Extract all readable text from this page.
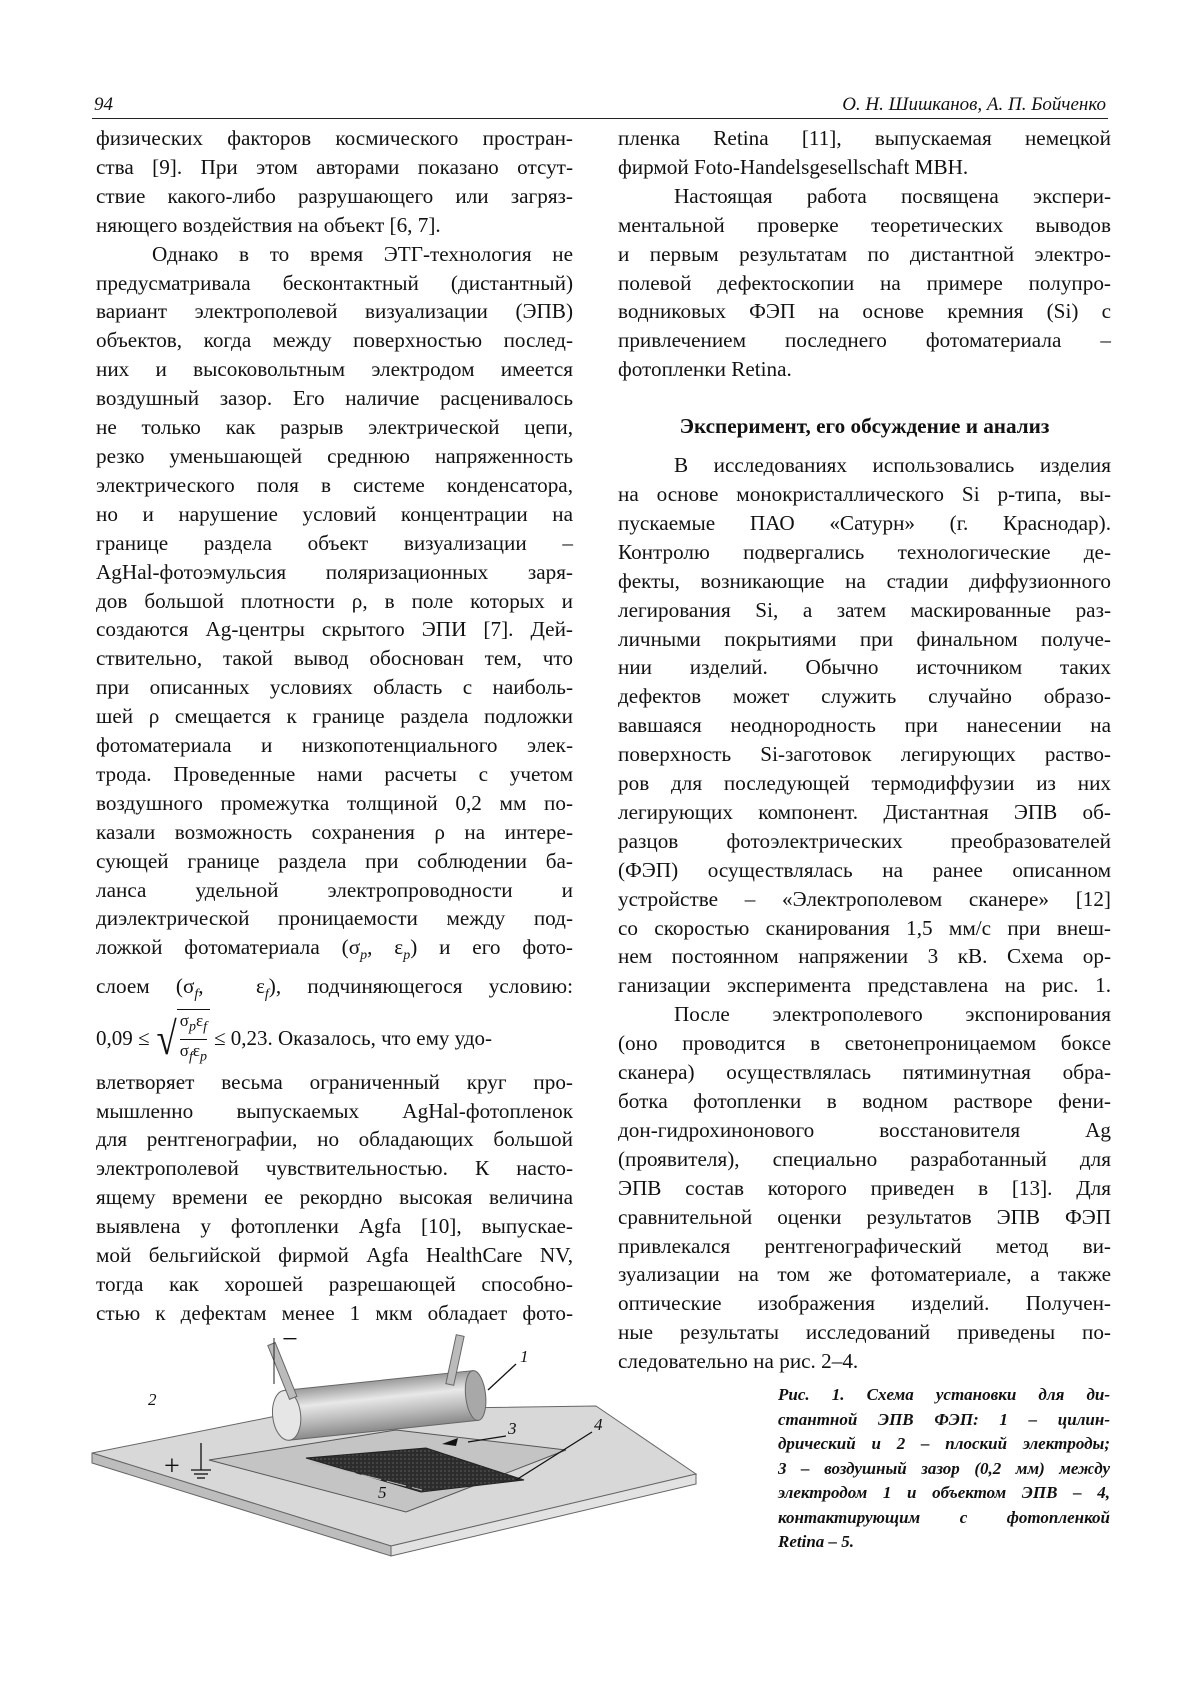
94	О. Н. Шишканов, А. П. Бойченко

физических факторов космического простран-
ства [9]. При этом авторами показано отсут-
ствие какого-либо разрушающего или загряз-
няющего воздействия на объект [6, 7].

Однако в то время ЭТГ-технология не
предусматривала бесконтактный (дистантный)
вариант электрополевой визуализации (ЭПВ)
объектов, когда между поверхностью послед-
них и высоковольтным электродом имеется
воздушный зазор. Его наличие расценивалось
не только как разрыв электрической цепи,
резко уменьшающей среднюю напряженность
электрического поля в системе конденсатора,
но и нарушение условий концентрации на
границе раздела объект визуализации –
AgHal-фотоэмульсия поляризационных заря-
дов большой плотности ρ, в поле которых и
создаются Ag-центры скрытого ЭПИ [7]. Дей-
ствительно, такой вывод обоснован тем, что
при описанных условиях область с наиболь-
шей ρ смещается к границе раздела подложки
фотоматериала и низкопотенциального элек-
трода. Проведенные нами расчеты с учетом
воздушного промежутка толщиной 0,2 мм по-
казали возможность сохранения ρ на интере-
сующей границе раздела при соблюдении ба-
ланса удельной электропроводности и
диэлектрической проницаемости между под-
ложкой фотоматериала ($\sigma_p$, $\varepsilon_p$) и его фото-
слоем ($\sigma_f$,  $\varepsilon_f$), подчиняющегося условию:
0,09 ≤ √ $\frac{\sigma_p\varepsilon_f}{\sigma_f\varepsilon_p} \le 0,23$ . Оказалось, что ему удо-

влетворяет весьма ограниченный круг про-
мышленно выпускаемых AgHal-фотопленок
для рентгенографии, но обладающих большой
электрополевой чувствительностью. К насто-
ящему времени ее рекордно высокая величина
выявлена у фотопленки Agfa [10], выпускае-
мой бельгийской фирмой Agfa HealthCare NV,
тогда как хорошей разрешающей способно-
стью к дефектам менее 1 мкм обладает фото-

пленка Retina [11], выпускаемая немецкой
фирмой Foto-Handelsgesellschaft MBH.

Настоящая работа посвящена экспери-
ментальной проверке теоретических выводов
и первым результатам по дистантной электро-
полевой дефектоскопии на примере полупро-
водниковых ФЭП на основе кремния (Si) с
привлечением последнего фотоматериала –
фотопленки Retina.

Эксперимент, его обсуждение и анализ

В исследованиях использовались изделия
на основе монокристаллического Si p-типа, вы-
пускаемые ПАО «Сатурн» (г. Краснодар).
Контролю подвергались технологические де-
фекты, возникающие на стадии диффузионного
легирования Si, а затем маскированные раз-
личными покрытиями при финальном получе-
нии изделий. Обычно источником таких
дефектов может служить случайно образо-
вавшаяся неоднородность при нанесении на
поверхность Si-заготовок легирующих раство-
ров для последующей термодиффузии из них
легирующих компонент. Дистантная ЭПВ об-
разцов фотоэлектрических преобразователей
(ФЭП) осуществлялась на ранее описанном
устройстве – «Электрополевом сканере» [12]
со скоростью сканирования 1,5 мм/с при внеш-
нем постоянном напряжении 3 кВ. Схема ор-
ганизации эксперимента представлена на рис. 1.

После электрополевого экспонирования
(оно проводится в светонепроницаемом боксе
сканера) осуществлялась пятиминутная обра-
ботка фотопленки в водном растворе фени-
дон-гидрохинонового восстановителя Ag
(проявителя), специально разработанный для
ЭПВ состав которого приведен в [13]. Для
сравнительной оценки результатов ЭПВ ФЭП
привлекался рентгенографический метод ви-
зуализации на том же фотоматериале, а также
оптические изображения изделий. Получен-
ные результаты исследований приведены по-
следовательно на рис. 2–4.

−
+
1
2
3	4
5
Рис. 1. Схема установки для ди-
стантной ЭПВ ФЭП: 1 – цилин-
дрический и 2 – плоский электроды;
3 – воздушный зазор (0,2 мм) между
электродом 1 и объектом ЭПВ – 4,
контактирующим с фотопленкой
Retina – 5.
